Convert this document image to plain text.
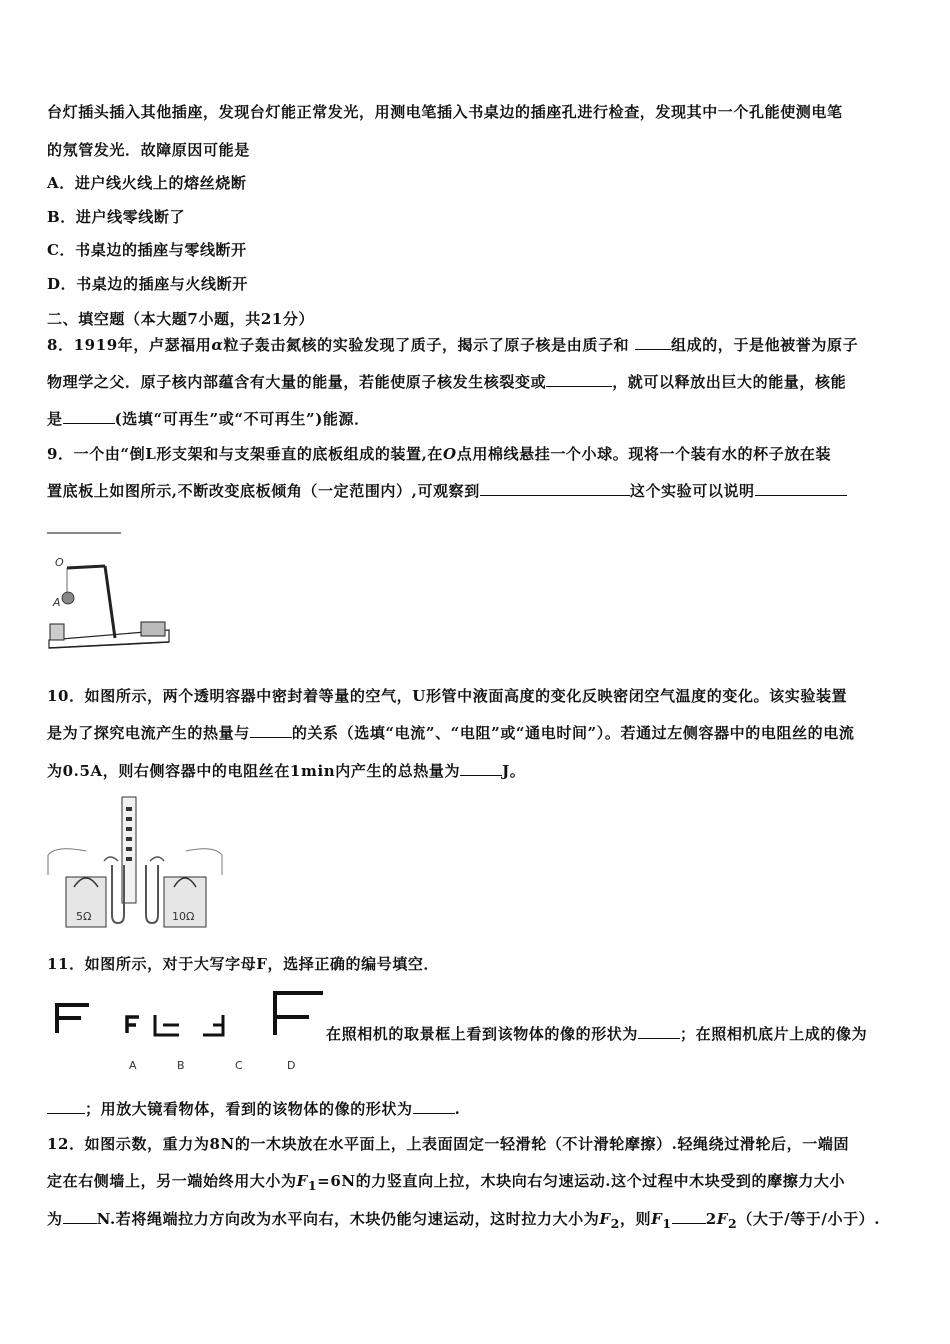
台灯插头插入其他插座，发现台灯能正常发光，用测电笔插入书桌边的插座孔进行检查，发现其中一个孔能使测电笔
的氖管发光．故障原因可能是
A．进户线火线上的熔丝烧断
B．进户线零线断了
C．书桌边的插座与零线断开
D．书桌边的插座与火线断开
二、填空题（本大题7小题，共21分）
8．1919年，卢瑟福用α粒子轰击氮核的实验发现了质子，揭示了原子核是由质子和	组成的，于是他被誉为原子
物理学之父．原子核内部蕴含有大量的能量，若能使原子核发生核裂变或	，就可以释放出巨大的能量，核能
是	(选填“可再生”或“不可再生”)能源．
9．一个由“倒L形支架和与支架垂直的底板组成的装置,在O点用棉线悬挂一个小球。现将一个装有水的杯子放在装
置底板上如图所示,不断改变底板倾角（一定范围内）,可观察到	这个实验可以说明
O
A
10．如图所示，两个透明容器中密封着等量的空气，U形管中液面高度的变化反映密闭空气温度的变化。该实验装置
是为了探究电流产生的热量与	的关系（选填“电流”、“电阻”或“通电时间”）。若通过左侧容器中的电阻丝的电流
为0.5A，则右侧容器中的电阻丝在1min内产生的总热量为	J。
5Ω	10Ω
11．如图所示，对于大写字母F，选择正确的编号填空．
A	B	C	D
在照相机的取景框上看到该物体的像的形状为	；在照相机底片上成的像为
；用放大镜看物体，看到的该物体的像的形状为	.
12．如图示数，重力为8N的一木块放在水平面上，上表面固定一轻滑轮（不计滑轮摩擦）.轻绳绕过滑轮后，一端固
定在右侧墙上，另一端始终用大小为$F_1=6N$的力竖直向上拉，木块向右匀速运动.这个过程中木块受到的摩擦力大小
为 N.若将绳端拉力方向改为水平向右，木块仍能匀速运动，这时拉力大小为$F_2$，则$F_1$ $2F_2$（大于/等于/小于）.
